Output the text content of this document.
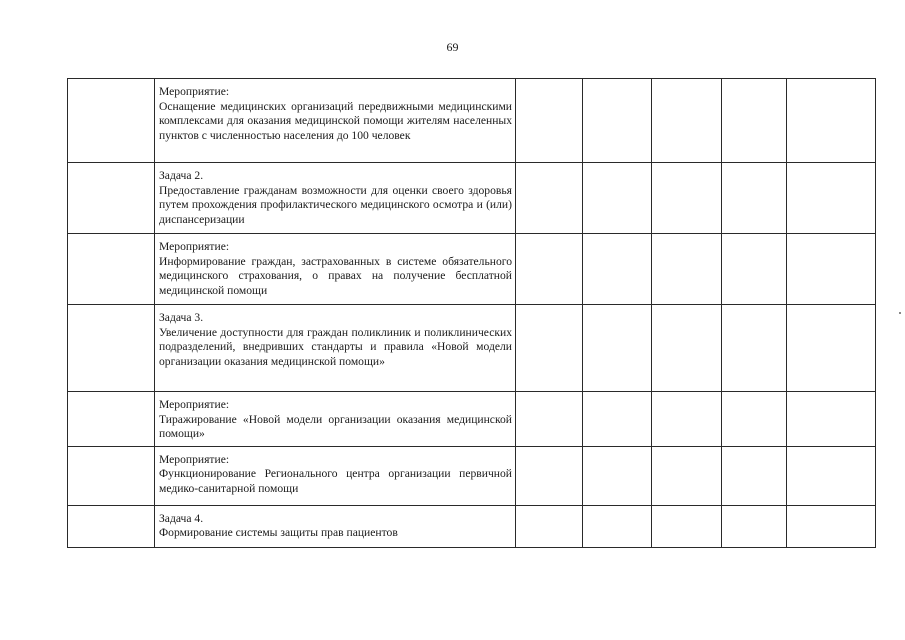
69

	Мероприятие:
Оснащение медицинских организаций передвижными медицинскими комплексами для оказания медицинской помощи жителям населенных пунктов с численностью населения до 100 человек					

	Задача 2.
Предоставление гражданам возможности для оценки своего здоровья путем прохождения профилактического медицинского осмотра и (или) диспансеризации					

	Мероприятие:
Информирование граждан, застрахованных в системе обязательного медицинского страхования, о правах на получение бесплатной медицинской помощи					

	Задача 3.
Увеличение доступности для граждан поликлиник и поликлинических подразделений, внедривших стандарты и правила «Новой модели организации оказания медицинской помощи»					

	Мероприятие:
Тиражирование «Новой модели организации оказания медицинской помощи»					

	Мероприятие:
Функционирование Регионального центра организации первичной медико-санитарной помощи					

	Задача 4.
Формирование системы защиты прав пациентов					
